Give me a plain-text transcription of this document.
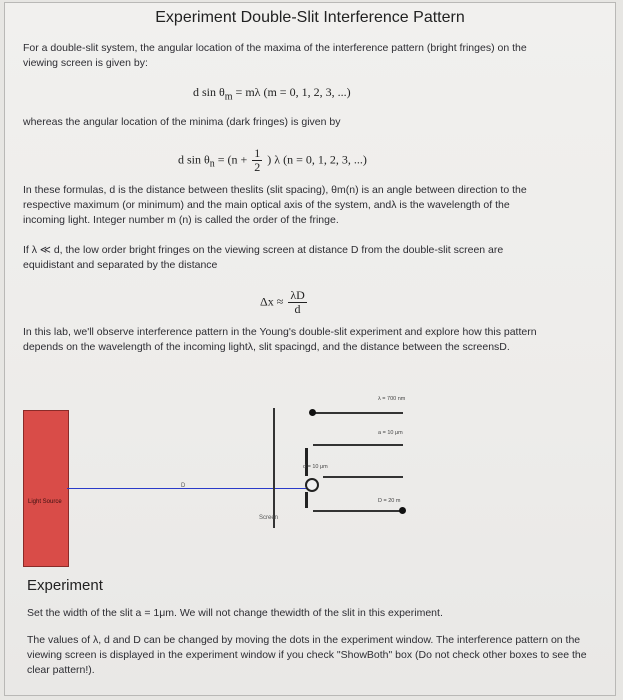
Experiment Double-Slit Interference Pattern
For a double-slit system, the angular location of the maxima of the interference pattern (bright fringes) on the viewing screen is given by:
d $\sin \theta_m = m\lambda$ (m = 0, 1, 2, 3, ...)
whereas the angular location of the minima (dark fringes) is given by
d $\sin \theta_n = (n + \frac{1}{2}$ ) λ (n = 0, 1, 2, 3, ...)
In these formulas, d is the distance between theslits (slit spacing), θm(n) is an angle between direction to the respective maximum (or minimum) and the main optical axis of the system, andλ is the wavelength of the incoming light. Integer number m (n) is called the order of the fringe.
If λ ≪ d, the low order bright fringes on the viewing screen at distance D from the double-slit screen are equidistant and separated by the distance
$\Delta x \approx \frac{\lambda D}{d}$
In this lab, we'll observe interference pattern in the Young's double-slit experiment and explore how this pattern depends on the wavelength of the incoming lightλ, slit spacingd, and the distance between the screensD.
Light Source
D
Screen
λ = 700 nm
a = 10 μm
d = 10 μm
D = 20 m
Experiment
Set the width of the slit a = 1μm. We will not change thewidth of the slit in this experiment.
The values of λ, d and D can be changed by moving the dots in the experiment window. The interference pattern on the viewing screen is displayed in the experiment window if you check "ShowBoth" box (Do not check other boxes to see the clear pattern!).
